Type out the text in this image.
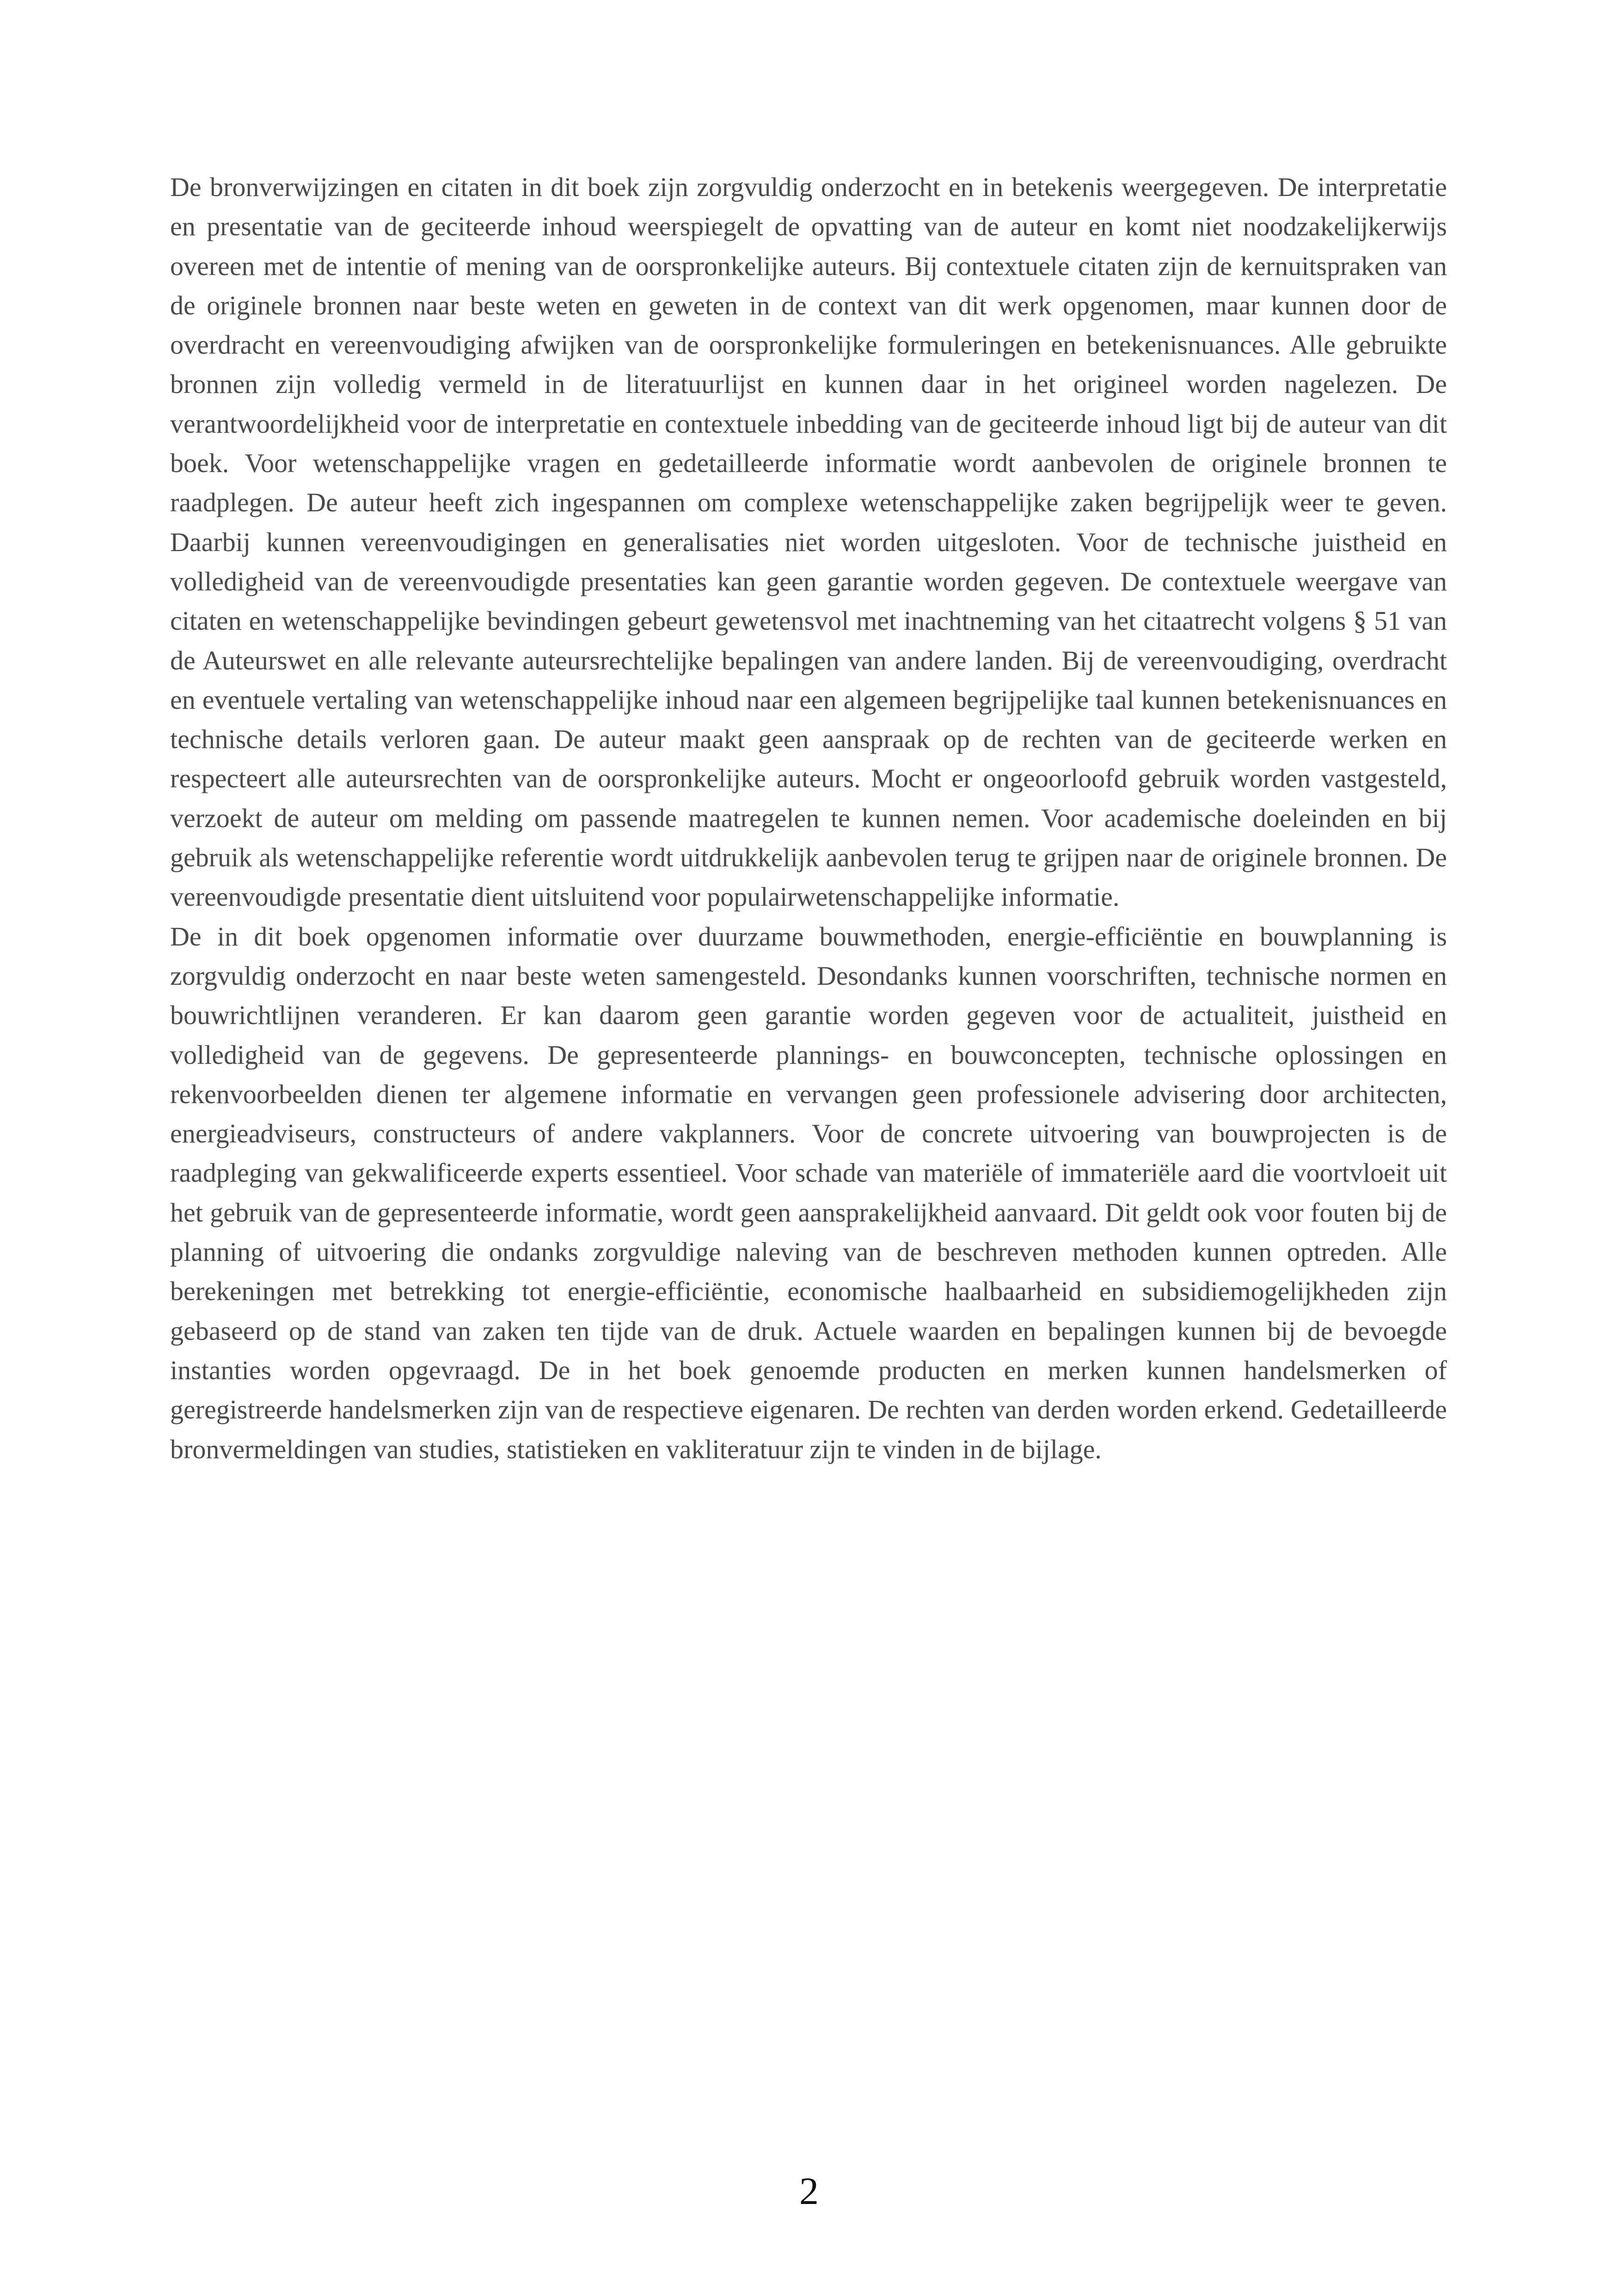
De bronverwijzingen en citaten in dit boek zijn zorgvuldig onderzocht en in betekenis weergegeven. De interpretatie en presentatie van de geciteerde inhoud weerspiegelt de opvatting van de auteur en komt niet noodzakelijkerwijs overeen met de intentie of mening van de oorspronkelijke auteurs. Bij contextuele citaten zijn de kernuitspraken van de originele bronnen naar beste weten en geweten in de context van dit werk opgenomen, maar kunnen door de overdracht en vereenvoudiging afwijken van de oorspronkelijke formuleringen en betekenisnuances. Alle gebruikte bronnen zijn volledig vermeld in de literatuurlijst en kunnen daar in het origineel worden nagelezen. De verantwoordelijkheid voor de interpretatie en contextuele inbedding van de geciteerde inhoud ligt bij de auteur van dit boek. Voor wetenschappelijke vragen en gedetailleerde informatie wordt aanbevolen de originele bronnen te raadplegen. De auteur heeft zich ingespannen om complexe wetenschappelijke zaken begrijpelijk weer te geven. Daarbij kunnen vereenvoudigingen en generalisaties niet worden uitgesloten. Voor de technische juistheid en volledigheid van de vereenvoudigde presentaties kan geen garantie worden gegeven. De contextuele weergave van citaten en wetenschappelijke bevindingen gebeurt gewetensvol met inachtneming van het citaatrecht volgens § 51 van de Auteurswet en alle relevante auteursrechtelijke bepalingen van andere landen. Bij de vereenvoudiging, overdracht en eventuele vertaling van wetenschappelijke inhoud naar een algemeen begrijpelijke taal kunnen betekenisnuances en technische details verloren gaan. De auteur maakt geen aanspraak op de rechten van de geciteerde werken en respecteert alle auteursrechten van de oorspronkelijke auteurs. Mocht er ongeoorloofd gebruik worden vastgesteld, verzoekt de auteur om melding om passende maatregelen te kunnen nemen. Voor academische doeleinden en bij gebruik als wetenschappelijke referentie wordt uitdrukkelijk aanbevolen terug te grijpen naar de originele bronnen. De vereenvoudigde presentatie dient uitsluitend voor populairwetenschappelijke informatie.

De in dit boek opgenomen informatie over duurzame bouwmethoden, energie-efficiëntie en bouwplanning is zorgvuldig onderzocht en naar beste weten samengesteld. Desondanks kunnen voorschriften, technische normen en bouwrichtlijnen veranderen. Er kan daarom geen garantie worden gegeven voor de actualiteit, juistheid en volledigheid van de gegevens. De gepresenteerde plannings- en bouwconcepten, technische oplossingen en rekenvoorbeelden dienen ter algemene informatie en vervangen geen professionele advisering door architecten, energieadviseurs, constructeurs of andere vakplanners. Voor de concrete uitvoering van bouwprojecten is de raadpleging van gekwalificeerde experts essentieel. Voor schade van materiële of immateriële aard die voortvloeit uit het gebruik van de gepresenteerde informatie, wordt geen aansprakelijkheid aanvaard. Dit geldt ook voor fouten bij de planning of uitvoering die ondanks zorgvuldige naleving van de beschreven methoden kunnen optreden. Alle berekeningen met betrekking tot energie-efficiëntie, economische haalbaarheid en subsidiemogelijkheden zijn gebaseerd op de stand van zaken ten tijde van de druk. Actuele waarden en bepalingen kunnen bij de bevoegde instanties worden opgevraagd. De in het boek genoemde producten en merken kunnen handelsmerken of geregistreerde handelsmerken zijn van de respectieve eigenaren. De rechten van derden worden erkend. Gedetailleerde bronvermeldingen van studies, statistieken en vakliteratuur zijn te vinden in de bijlage.

2
